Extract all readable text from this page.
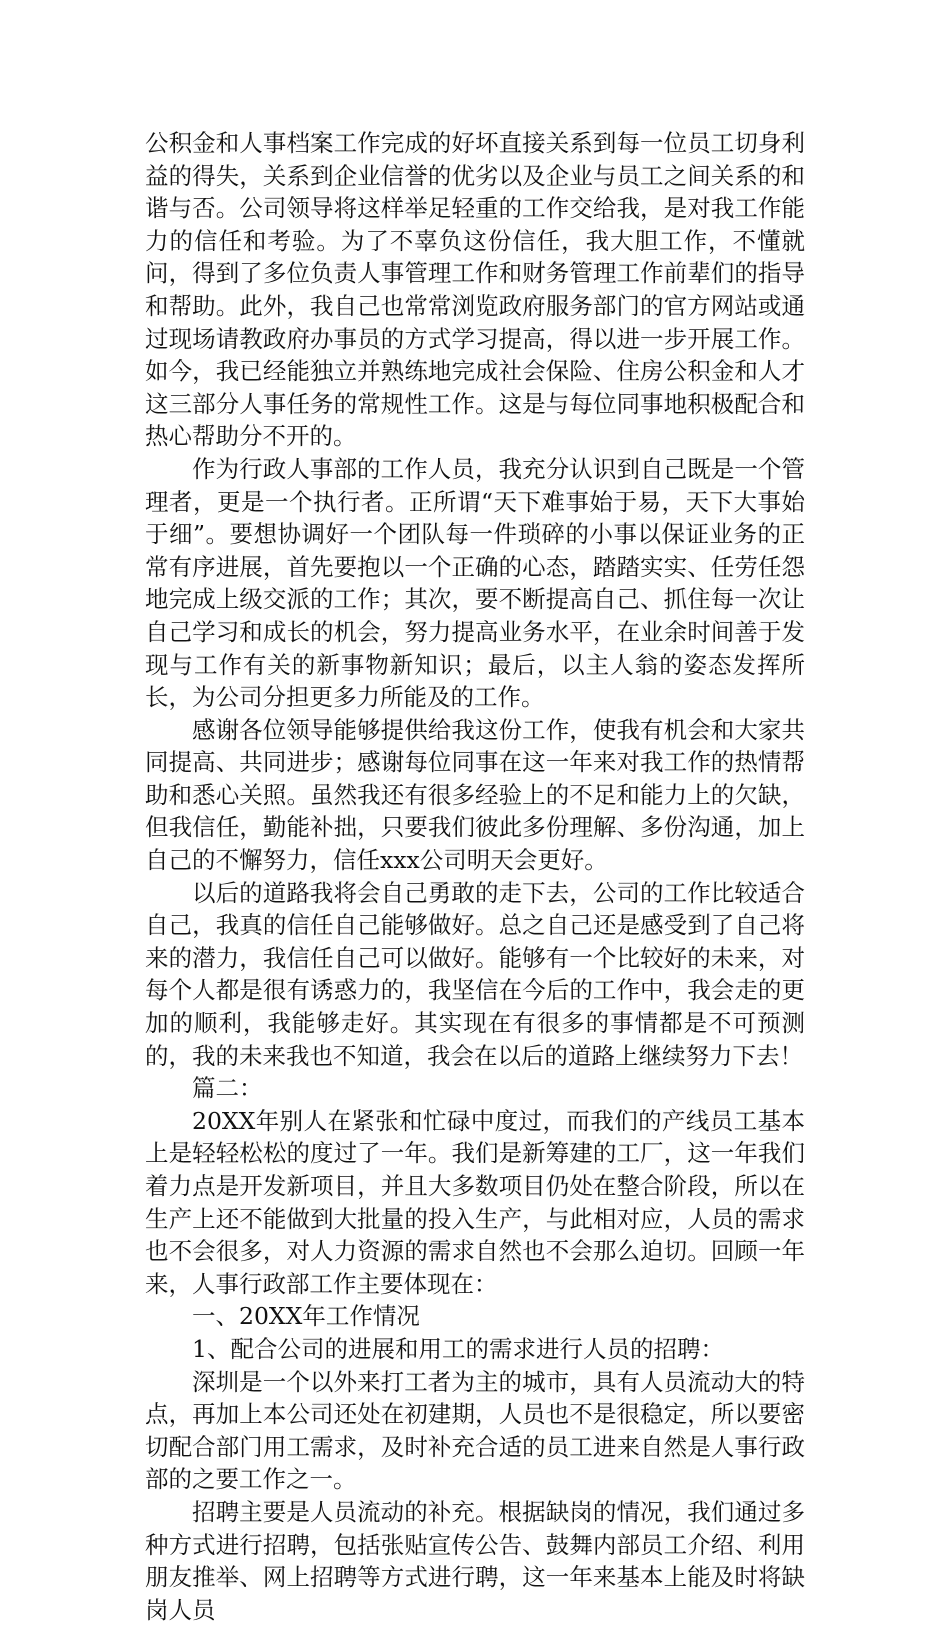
公积金和人事档案工作完成的好坏直接关系到每一位员工切身利益的得失，关系到企业信誉的优劣以及企业与员工之间关系的和谐与否。公司领导将这样举足轻重的工作交给我，是对我工作能力的信任和考验。为了不辜负这份信任，我大胆工作，不懂就问，得到了多位负责人事管理工作和财务管理工作前辈们的指导和帮助。此外，我自己也常常浏览政府服务部门的官方网站或通过现场请教政府办事员的方式学习提高，得以进一步开展工作。如今，我已经能独立并熟练地完成社会保险、住房公积金和人才这三部分人事任务的常规性工作。这是与每位同事地积极配合和热心帮助分不开的。

作为行政人事部的工作人员，我充分认识到自己既是一个管理者，更是一个执行者。正所谓“天下难事始于易，天下大事始于细”。要想协调好一个团队每一件琐碎的小事以保证业务的正常有序进展，首先要抱以一个正确的心态，踏踏实实、任劳任怨地完成上级交派的工作；其次，要不断提高自己、抓住每一次让自己学习和成长的机会，努力提高业务水平，在业余时间善于发现与工作有关的新事物新知识；最后，以主人翁的姿态发挥所长，为公司分担更多力所能及的工作。

感谢各位领导能够提供给我这份工作，使我有机会和大家共同提高、共同进步；感谢每位同事在这一年来对我工作的热情帮助和悉心关照。虽然我还有很多经验上的不足和能力上的欠缺，但我信任，勤能补拙，只要我们彼此多份理解、多份沟通，加上自己的不懈努力，信任xxx公司明天会更好。

以后的道路我将会自己勇敢的走下去，公司的工作比较适合自己，我真的信任自己能够做好。总之自己还是感受到了自己将来的潜力，我信任自己可以做好。能够有一个比较好的未来，对每个人都是很有诱惑力的，我坚信在今后的工作中，我会走的更加的顺利，我能够走好。其实现在有很多的事情都是不可预测的，我的未来我也不知道，我会在以后的道路上继续努力下去！

篇二：

20XX年别人在紧张和忙碌中度过，而我们的产线员工基本上是轻轻松松的度过了一年。我们是新筹建的工厂，这一年我们着力点是开发新项目，并且大多数项目仍处在整合阶段，所以在生产上还不能做到大批量的投入生产，与此相对应，人员的需求也不会很多，对人力资源的需求自然也不会那么迫切。回顾一年来，人事行政部工作主要体现在：

一、20XX年工作情况

1、配合公司的进展和用工的需求进行人员的招聘：

深圳是一个以外来打工者为主的城市，具有人员流动大的特点，再加上本公司还处在初建期，人员也不是很稳定，所以要密切配合部门用工需求，及时补充合适的员工进来自然是人事行政部的之要工作之一。

招聘主要是人员流动的补充。根据缺岗的情况，我们通过多种方式进行招聘，包括张贴宣传公告、鼓舞内部员工介绍、利用朋友推举、网上招聘等方式进行聘，这一年来基本上能及时将缺岗人员
